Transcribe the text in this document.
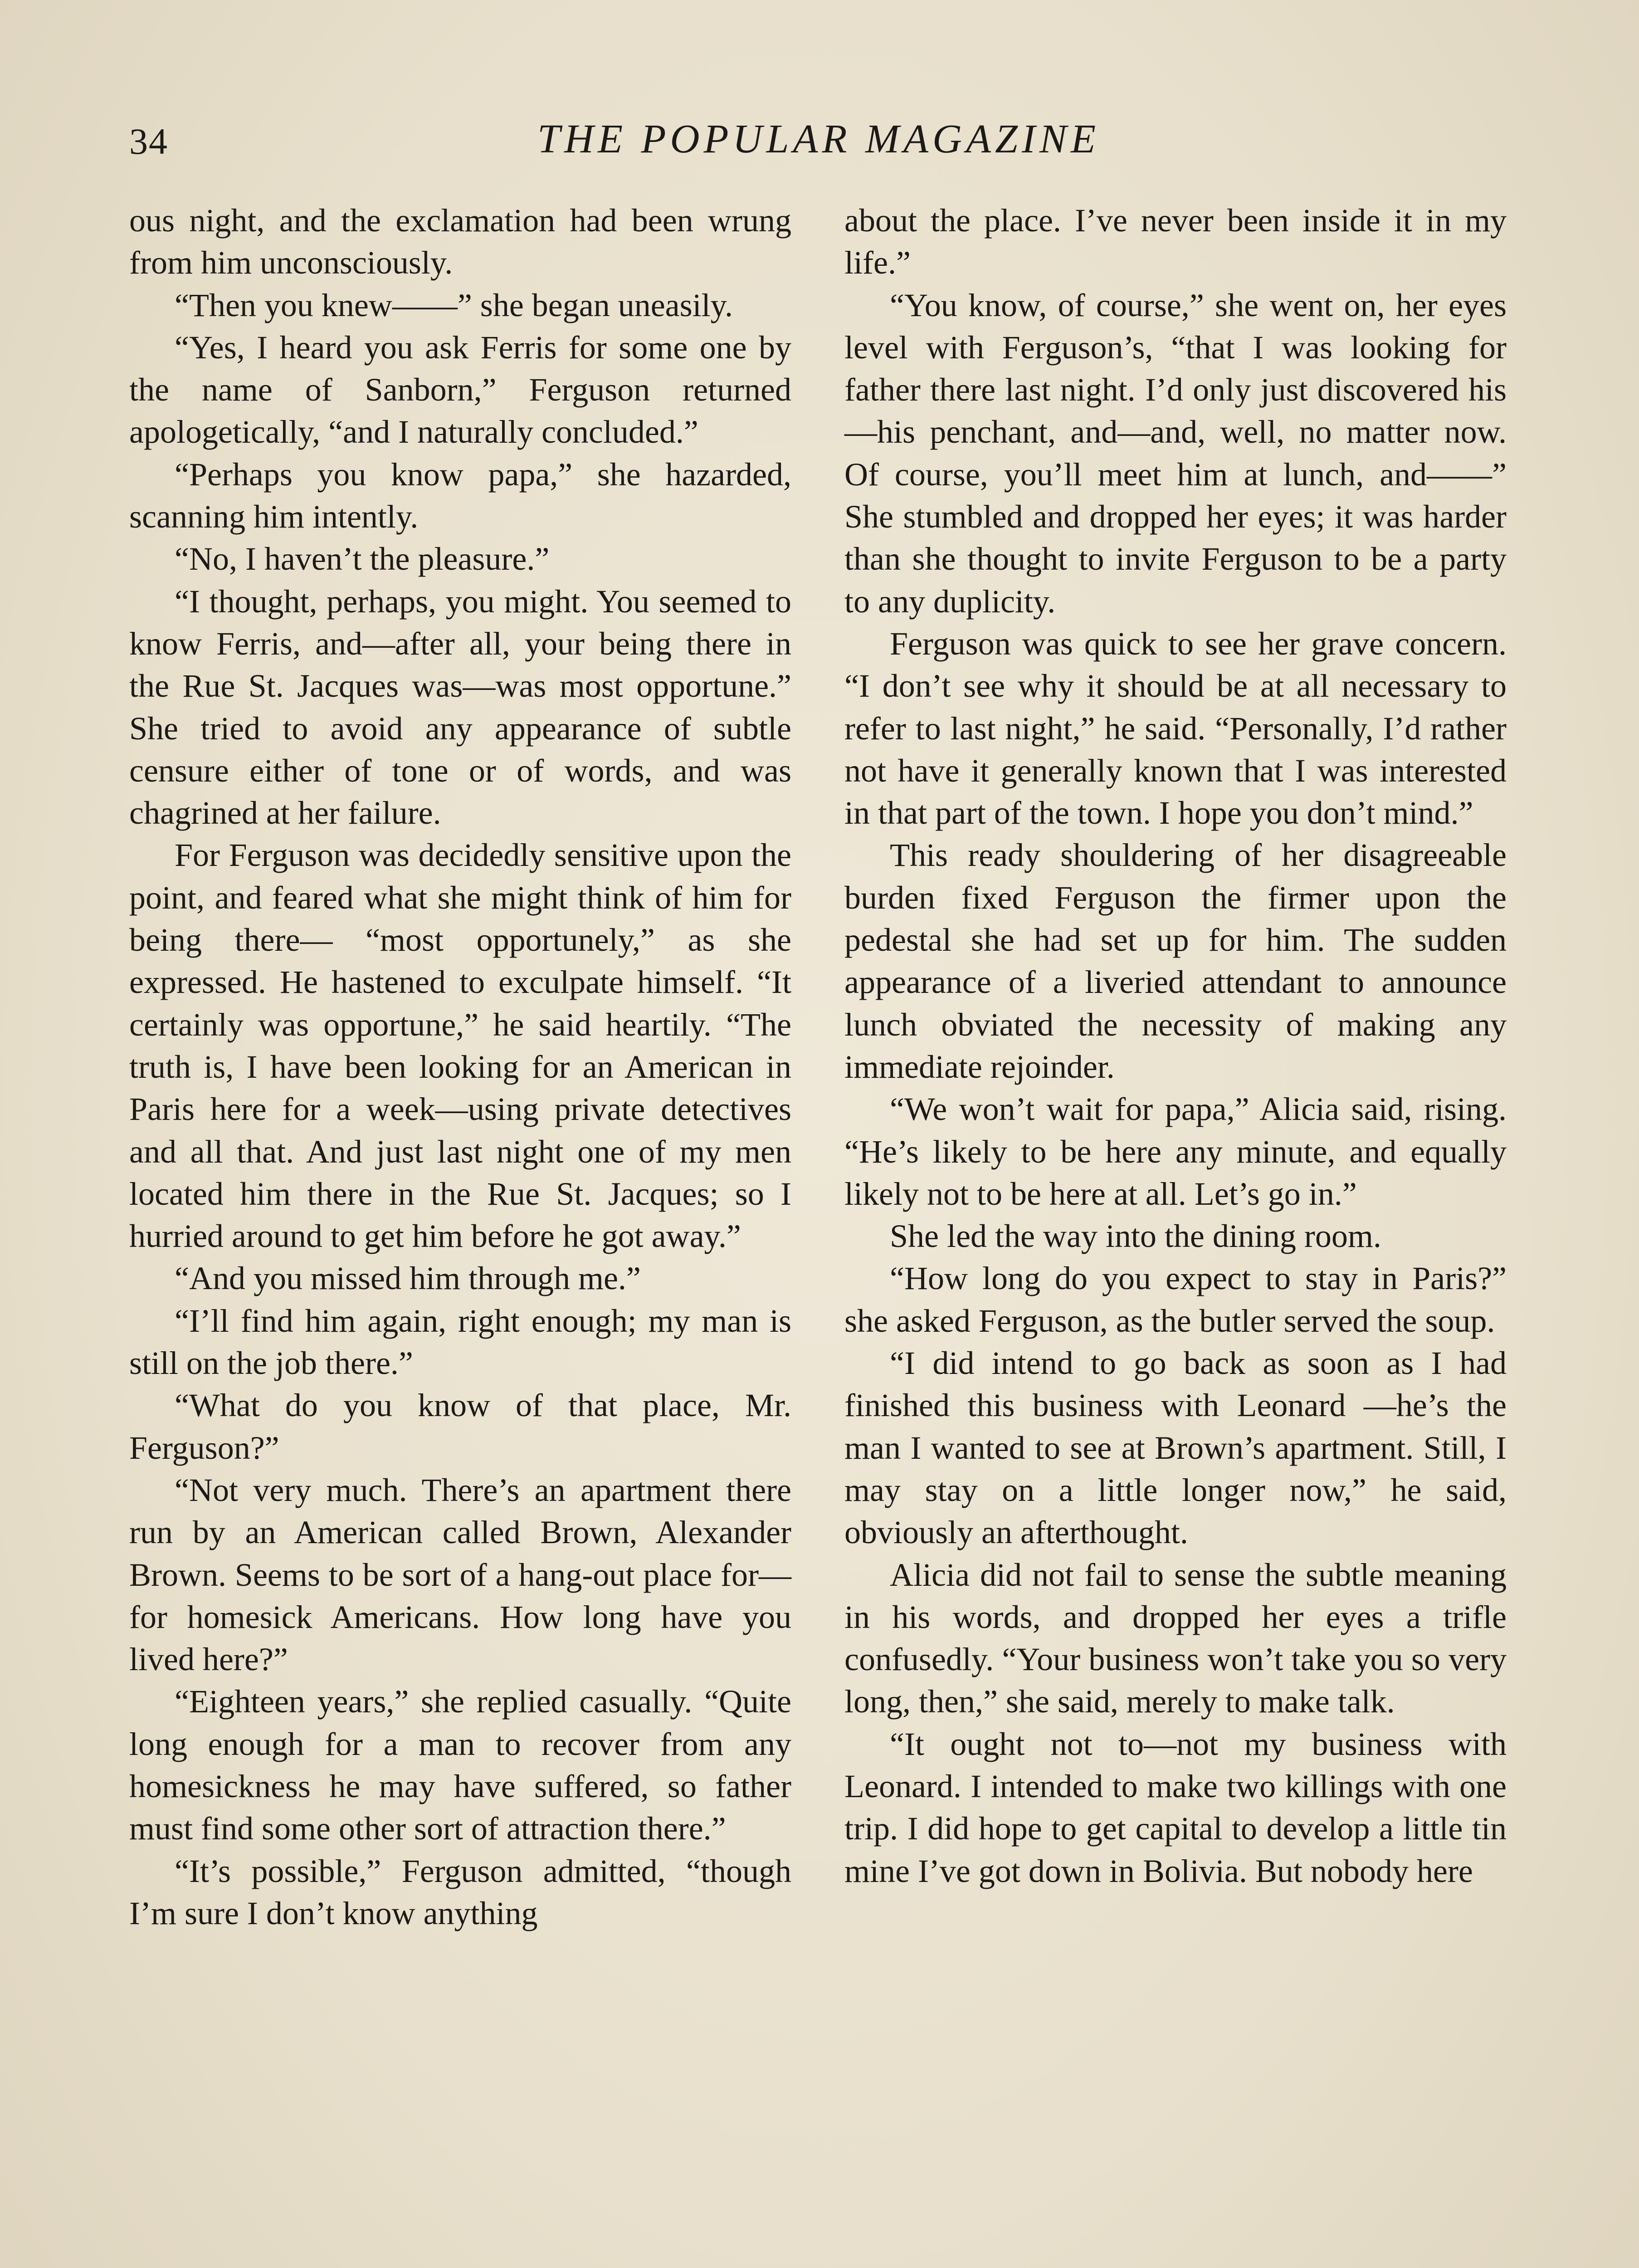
34	THE POPULAR MAGAZINE

ous night, and the exclamation had been wrung from him unconsciously.

“Then you knew——” she began uneasily.

“Yes, I heard you ask Ferris for some one by the name of Sanborn,” Ferguson returned apologetically, “and I naturally concluded.”

“Perhaps you know papa,” she hazarded, scanning him intently.

“No, I haven’t the pleasure.”

“I thought, perhaps, you might. You seemed to know Ferris, and—after all, your being there in the Rue St. Jacques was—was most opportune.” She tried to avoid any appearance of subtle censure either of tone or of words, and was chagrined at her failure.

For Ferguson was decidedly sensitive upon the point, and feared what she might think of him for being there— “most opportunely,” as she expressed. He hastened to exculpate himself. “It certainly was opportune,” he said heartily. “The truth is, I have been looking for an American in Paris here for a week—using private detectives and all that. And just last night one of my men located him there in the Rue St. Jacques; so I hurried around to get him before he got away.”

“And you missed him through me.”

“I’ll find him again, right enough; my man is still on the job there.”

“What do you know of that place, Mr. Ferguson?”

“Not very much. There’s an apartment there run by an American called Brown, Alexander Brown. Seems to be sort of a hang-out place for—for homesick Americans. How long have you lived here?”

“Eighteen years,” she replied casually. “Quite long enough for a man to recover from any homesickness he may have suffered, so father must find some other sort of attraction there.”

“It’s possible,” Ferguson admitted, “though I’m sure I don’t know anything

about the place. I’ve never been inside it in my life.”

“You know, of course,” she went on, her eyes level with Ferguson’s, “that I was looking for father there last night. I’d only just discovered his—his penchant, and—and, well, no matter now. Of course, you’ll meet him at lunch, and——” She stumbled and dropped her eyes; it was harder than she thought to invite Ferguson to be a party to any duplicity.

Ferguson was quick to see her grave concern. “I don’t see why it should be at all necessary to refer to last night,” he said. “Personally, I’d rather not have it generally known that I was interested in that part of the town. I hope you don’t mind.”

This ready shouldering of her disagreeable burden fixed Ferguson the firmer upon the pedestal she had set up for him. The sudden appearance of a liveried attendant to announce lunch obviated the necessity of making any immediate rejoinder.

“We won’t wait for papa,” Alicia said, rising. “He’s likely to be here any minute, and equally likely not to be here at all. Let’s go in.”

She led the way into the dining room.

“How long do you expect to stay in Paris?” she asked Ferguson, as the butler served the soup.

“I did intend to go back as soon as I had finished this business with Leonard —he’s the man I wanted to see at Brown’s apartment. Still, I may stay on a little longer now,” he said, obviously an afterthought.

Alicia did not fail to sense the subtle meaning in his words, and dropped her eyes a trifle confusedly. “Your business won’t take you so very long, then,” she said, merely to make talk.

“It ought not to—not my business with Leonard. I intended to make two killings with one trip. I did hope to get capital to develop a little tin mine I’ve got down in Bolivia. But nobody here
